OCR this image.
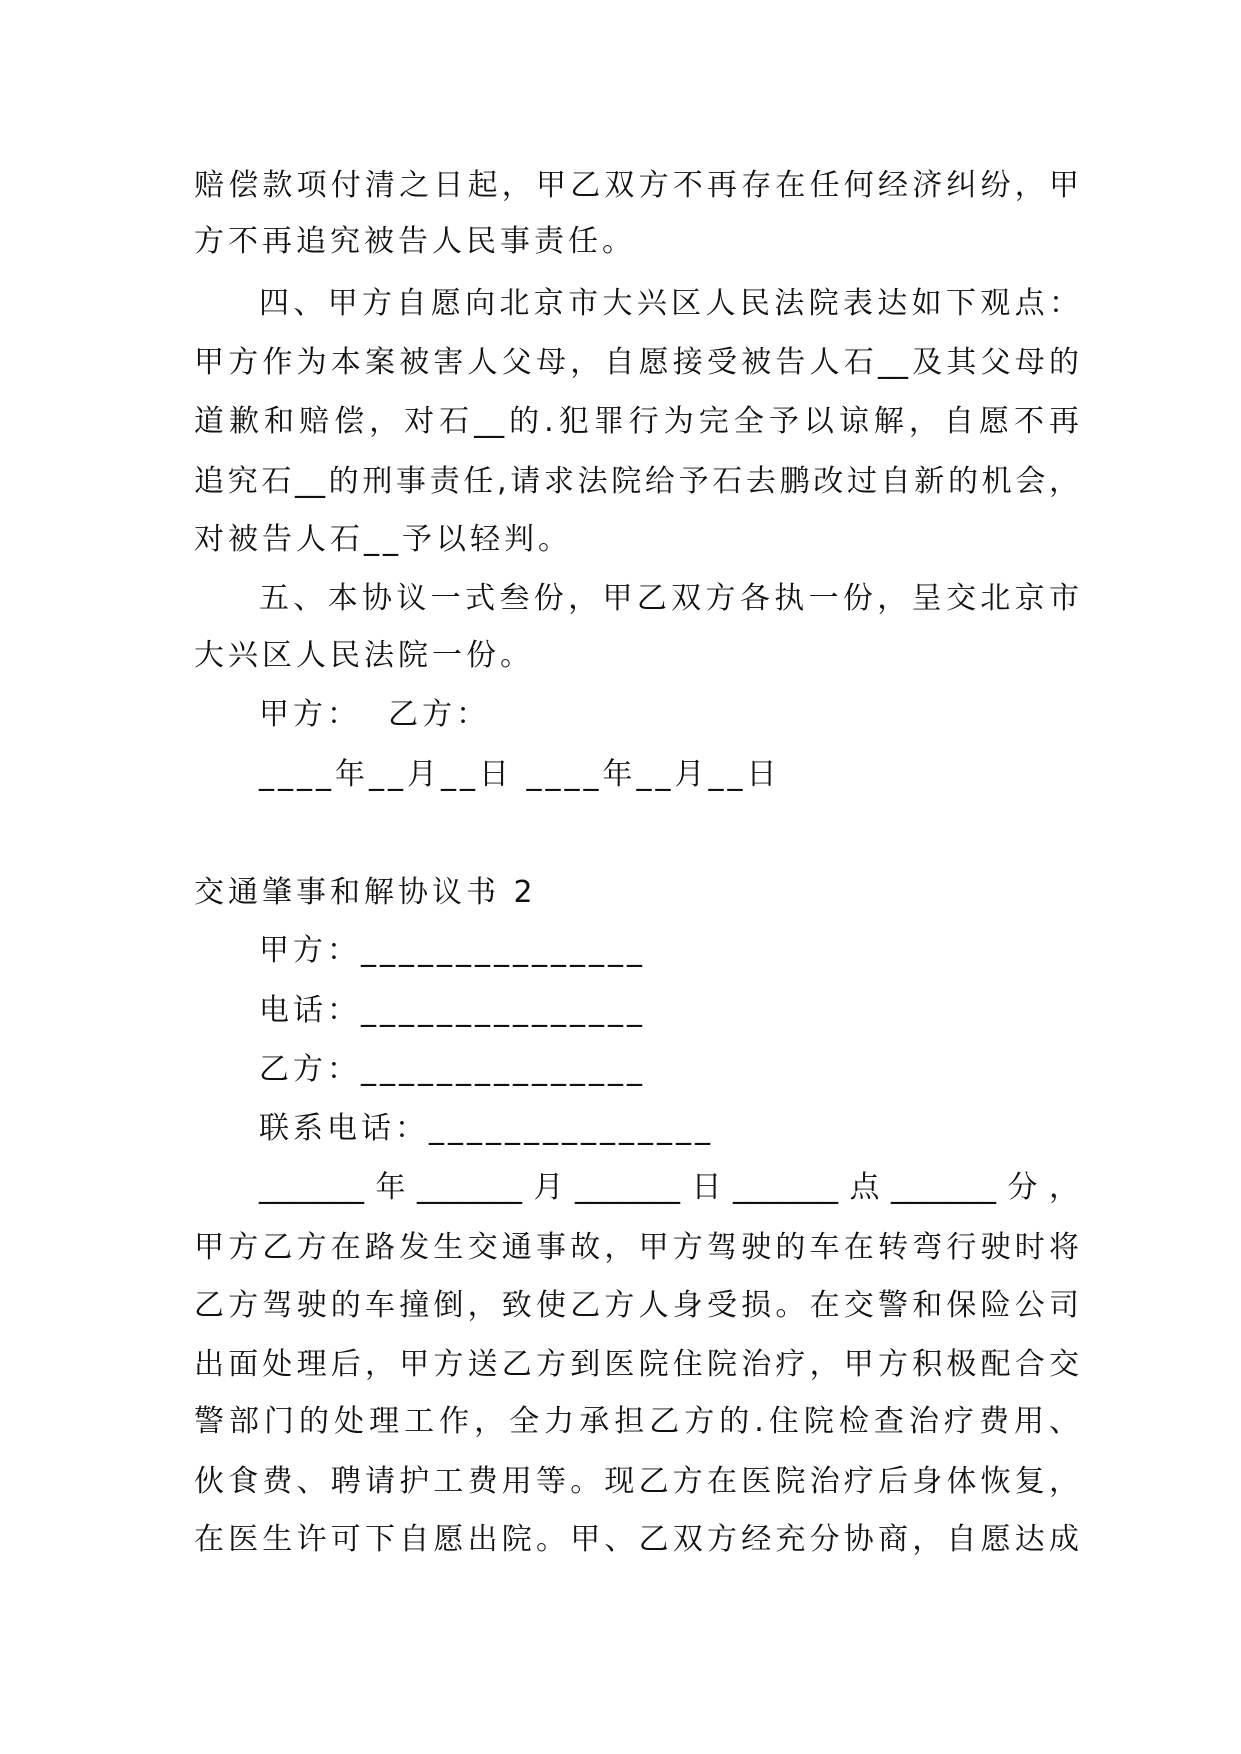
赔偿款项付清之日起，甲乙双方不再存在任何经济纠纷，甲
方不再追究被告人民事责任。
四、甲方自愿向北京市大兴区人民法院表达如下观点：
甲方作为本案被害人父母，自愿接受被告人石__及其父母的
道歉和赔偿，对石__的.犯罪行为完全予以谅解，自愿不再
追究石__的刑事责任,请求法院给予石去鹏改过自新的机会，
对被告人石__予以轻判。
五、本协议一式叁份，甲乙双方各执一份，呈交北京市
大兴区人民法院一份。
甲方：  乙方：
____年__月__日 ____年__月__日
交通肇事和解协议书 2
甲方：_______________
电话：_______________
乙方：_______________
联系电话：_______________
_______年_______月_______日_______点_______分，
甲方乙方在路发生交通事故，甲方驾驶的车在转弯行驶时将
乙方驾驶的车撞倒，致使乙方人身受损。在交警和保险公司
出面处理后，甲方送乙方到医院住院治疗，甲方积极配合交
警部门的处理工作，全力承担乙方的.住院检查治疗费用、
伙食费、聘请护工费用等。现乙方在医院治疗后身体恢复，
在医生许可下自愿出院。甲、乙双方经充分协商，自愿达成
